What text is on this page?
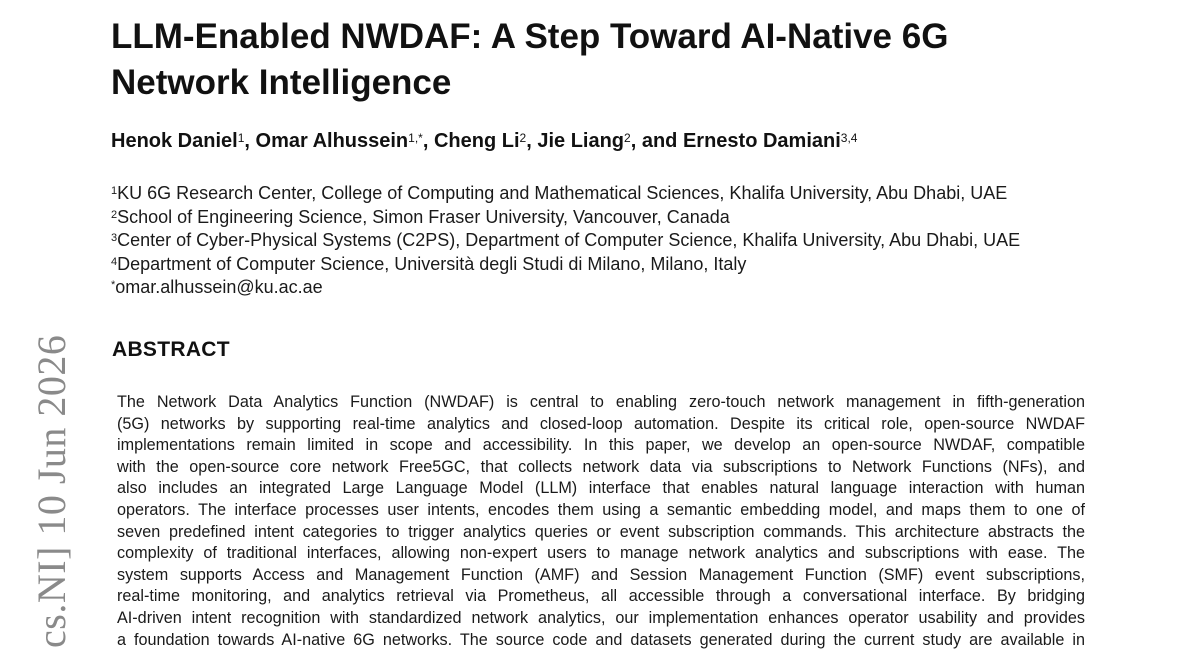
LLM-Enabled NWDAF: A Step Toward AI-Native 6G
Network Intelligence
Henok Daniel$^1$, Omar Alhussein$^{1,*}$, Cheng Li$^2$, Jie Liang$^2$, and Ernesto Damiani$^{3,4}$
$^1$KU 6G Research Center, College of Computing and Mathematical Sciences, Khalifa University, Abu Dhabi, UAE
$^2$School of Engineering Science, Simon Fraser University, Vancouver, Canada
$^3$Center of Cyber-Physical Systems (C2PS), Department of Computer Science, Khalifa University, Abu Dhabi, UAE
$^4$Department of Computer Science, Università degli Studi di Milano, Milano, Italy
*omar.alhussein@ku.ac.ae
ABSTRACT
The Network Data Analytics Function (NWDAF) is central to enabling zero-touch network management in fifth-generation
(5G) networks by supporting real-time analytics and closed-loop automation. Despite its critical role, open-source NWDAF
implementations remain limited in scope and accessibility. In this paper, we develop an open-source NWDAF, compatible
with the open-source core network Free5GC, that collects network data via subscriptions to Network Functions (NFs), and
also includes an integrated Large Language Model (LLM) interface that enables natural language interaction with human
operators. The interface processes user intents, encodes them using a semantic embedding model, and maps them to one of
seven predefined intent categories to trigger analytics queries or event subscription commands. This architecture abstracts the
complexity of traditional interfaces, allowing non-expert users to manage network analytics and subscriptions with ease. The
system supports Access and Management Function (AMF) and Session Management Function (SMF) event subscriptions,
real-time monitoring, and analytics retrieval via Prometheus, all accessible through a conversational interface. By bridging
AI-driven intent recognition with standardized network analytics, our implementation enhances operator usability and provides
a foundation towards AI-native 6G networks. The source code and datasets generated during the current study are available in
cs.NI] 10 Jun 2026
